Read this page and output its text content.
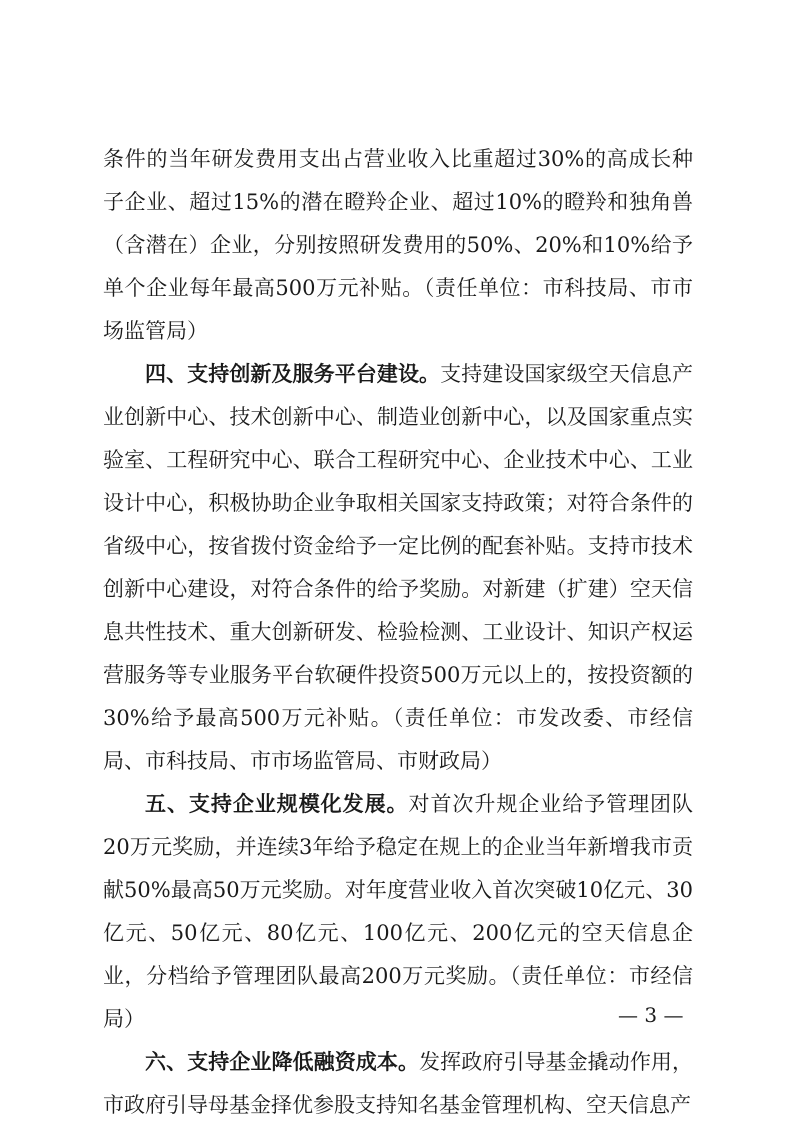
条件的当年研发费用支出占营业收入比重超过30%的高成长种子企业、超过15%的潜在瞪羚企业、超过10%的瞪羚和独角兽（含潜在）企业，分别按照研发费用的50%、20%和10%给予单个企业每年最高500万元补贴。（责任单位：市科技局、市市场监管局）

四、支持创新及服务平台建设。支持建设国家级空天信息产业创新中心、技术创新中心、制造业创新中心，以及国家重点实验室、工程研究中心、联合工程研究中心、企业技术中心、工业设计中心，积极协助企业争取相关国家支持政策；对符合条件的省级中心，按省拨付资金给予一定比例的配套补贴。支持市技术创新中心建设，对符合条件的给予奖励。对新建（扩建）空天信息共性技术、重大创新研发、检验检测、工业设计、知识产权运营服务等专业服务平台软硬件投资500万元以上的，按投资额的30%给予最高500万元补贴。（责任单位：市发改委、市经信局、市科技局、市市场监管局、市财政局）

五、支持企业规模化发展。对首次升规企业给予管理团队20万元奖励，并连续3年给予稳定在规上的企业当年新增我市贡献50%最高50万元奖励。对年度营业收入首次突破10亿元、30亿元、50亿元、80亿元、100亿元、200亿元的空天信息企业，分档给予管理团队最高200万元奖励。（责任单位：市经信局）

六、支持企业降低融资成本。发挥政府引导基金撬动作用，市政府引导母基金择优参股支持知名基金管理机构、空天信息产

— 3 —
